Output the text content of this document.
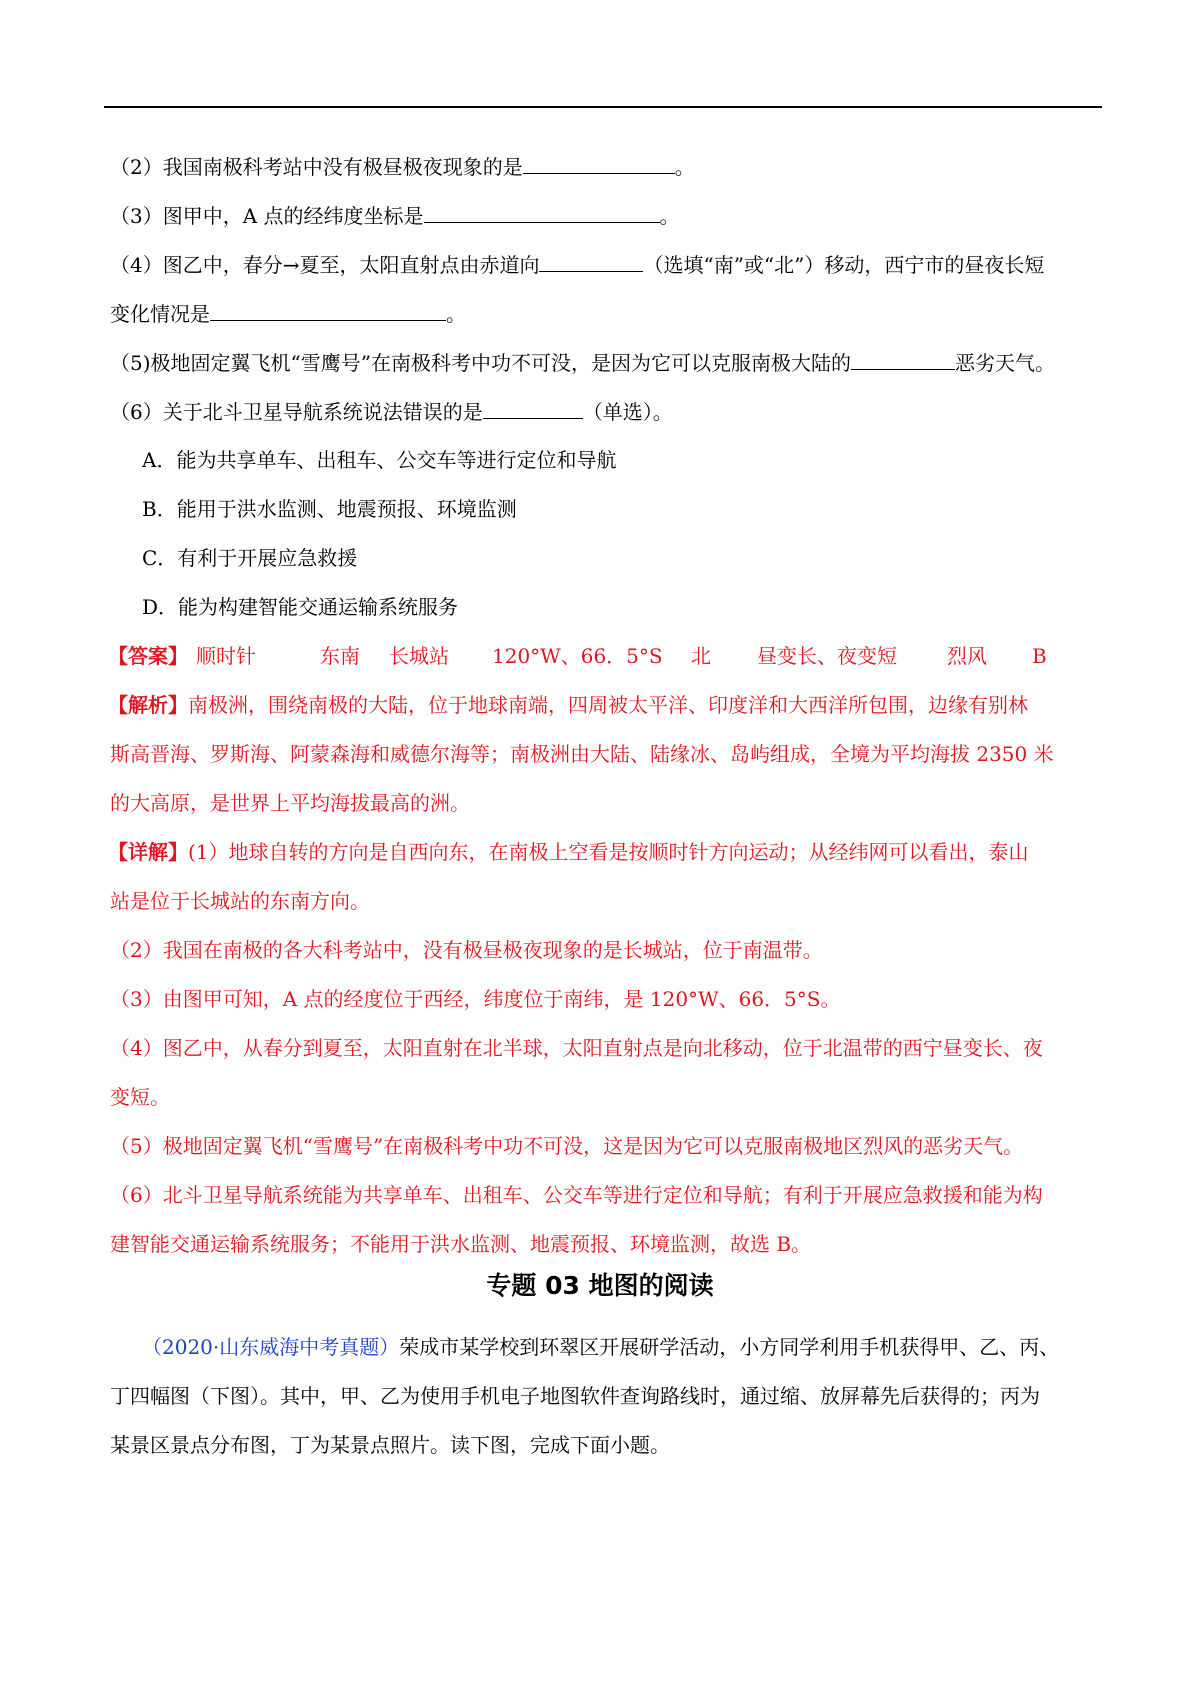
（2）我国南极科考站中没有极昼极夜现象的是	。
（3）图甲中，A 点的经纬度坐标是	。
（4）图乙中，春分→夏至，太阳直射点由赤道向	（选填“南”或“北”）移动，西宁市的昼夜长短
变化情况是	。
（5)极地固定翼飞机“雪鹰号”在南极科考中功不可没，是因为它可以克服南极大陆的	恶劣天气。
（6）关于北斗卫星导航系统说法错误的是	（单选）。
A．能为共享单车、出租车、公交车等进行定位和导航
B．能用于洪水监测、地震预报、环境监测
C．有利于开展应急救援
D．能为构建智能交通运输系统服务
【答案】 顺时针	东南 长城站 120°W、66．5°S 北 昼变长、夜变短	烈风 B
【解析】南极洲，围绕南极的大陆，位于地球南端，四周被太平洋、印度洋和大西洋所包围，边缘有别林
斯高晋海、罗斯海、阿蒙森海和威德尔海等；南极洲由大陆、陆缘冰、岛屿组成，全境为平均海拔 2350 米
的大高原，是世界上平均海拔最高的洲。
【详解】(1）地球自转的方向是自西向东，在南极上空看是按顺时针方向运动；从经纬网可以看出，泰山
站是位于长城站的东南方向。
（2）我国在南极的各大科考站中，没有极昼极夜现象的是长城站，位于南温带。
（3）由图甲可知，A 点的经度位于西经，纬度位于南纬，是 120°W、66．5°S。
（4）图乙中，从春分到夏至，太阳直射在北半球，太阳直射点是向北移动，位于北温带的西宁昼变长、夜
变短。
（5）极地固定翼飞机“雪鹰号”在南极科考中功不可没，这是因为它可以克服南极地区烈风的恶劣天气。
（6）北斗卫星导航系统能为共享单车、出租车、公交车等进行定位和导航；有利于开展应急救援和能为构
建智能交通运输系统服务；不能用于洪水监测、地震预报、环境监测，故选 B。
专题 03 地图的阅读
（2020·山东威海中考真题）荣成市某学校到环翠区开展研学活动，小方同学利用手机获得甲、乙、丙、
丁四幅图（下图）。其中，甲、乙为使用手机电子地图软件查询路线时，通过缩、放屏幕先后获得的；丙为
某景区景点分布图，丁为某景点照片。读下图，完成下面小题。
